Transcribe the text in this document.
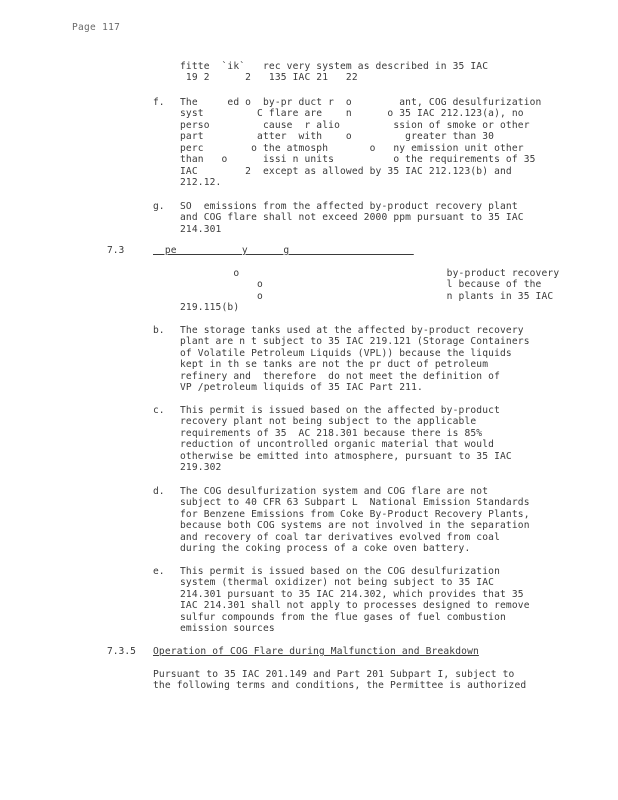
Page 117
fitte  `ik`   rec very system as described in 35 IAC
19 2      2   135 IAC 21   22
f. The     ed o  by-pr duct r  o        ant, COG desulfurization
syst         C flare are    n      o 35 IAC 212.123(a), no
perso         cause  r alio         ssion of smoke or other
part         atter  with    o         greater than 30
perc        o the atmosph       o   ny emission unit other
than   o      issi n units          o the requirements of 35
IAC        2  except as allowed by 35 IAC 212.123(b) and
212.12.
g. SO  emissions from the affected by-product recovery plant
and COG flare shall not exceed 2000 ppm pursuant to 35 IAC
214.301
7.3	pe           y      g
o                                   by-product recovery
o                               l because of the
o                               n plants in 35 IAC
219.115(b)
b. The storage tanks used at the affected by-product recovery
plant are n t subject to 35 IAC 219.121 (Storage Containers
of Volatile Petroleum Liquids (VPL)) because the liquids
kept in th se tanks are not the pr duct of petroleum
refinery and  therefore  do not meet the definition of
VP /petroleum liquids of 35 IAC Part 211.
c. This permit is issued based on the affected by-product
recovery plant not being subject to the applicable
requirements of 35  AC 218.301 because there is 85%
reduction of uncontrolled organic material that would
otherwise be emitted into atmosphere, pursuant to 35 IAC
219.302
d. The COG desulfurization system and COG flare are not
subject to 40 CFR 63 Subpart L  National Emission Standards
for Benzene Emissions from Coke By-Product Recovery Plants,
because both COG systems are not involved in the separation
and recovery of coal tar derivatives evolved from coal
during the coking process of a coke oven battery.
e. This permit is issued based on the COG desulfurization
system (thermal oxidizer) not being subject to 35 IAC
214.301 pursuant to 35 IAC 214.302, which provides that 35
IAC 214.301 shall not apply to processes designed to remove
sulfur compounds from the flue gases of fuel combustion
emission sources
7.3.5 Operation of COG Flare during Malfunction and Breakdown
Pursuant to 35 IAC 201.149 and Part 201 Subpart I, subject to
the following terms and conditions, the Permittee is authorized
